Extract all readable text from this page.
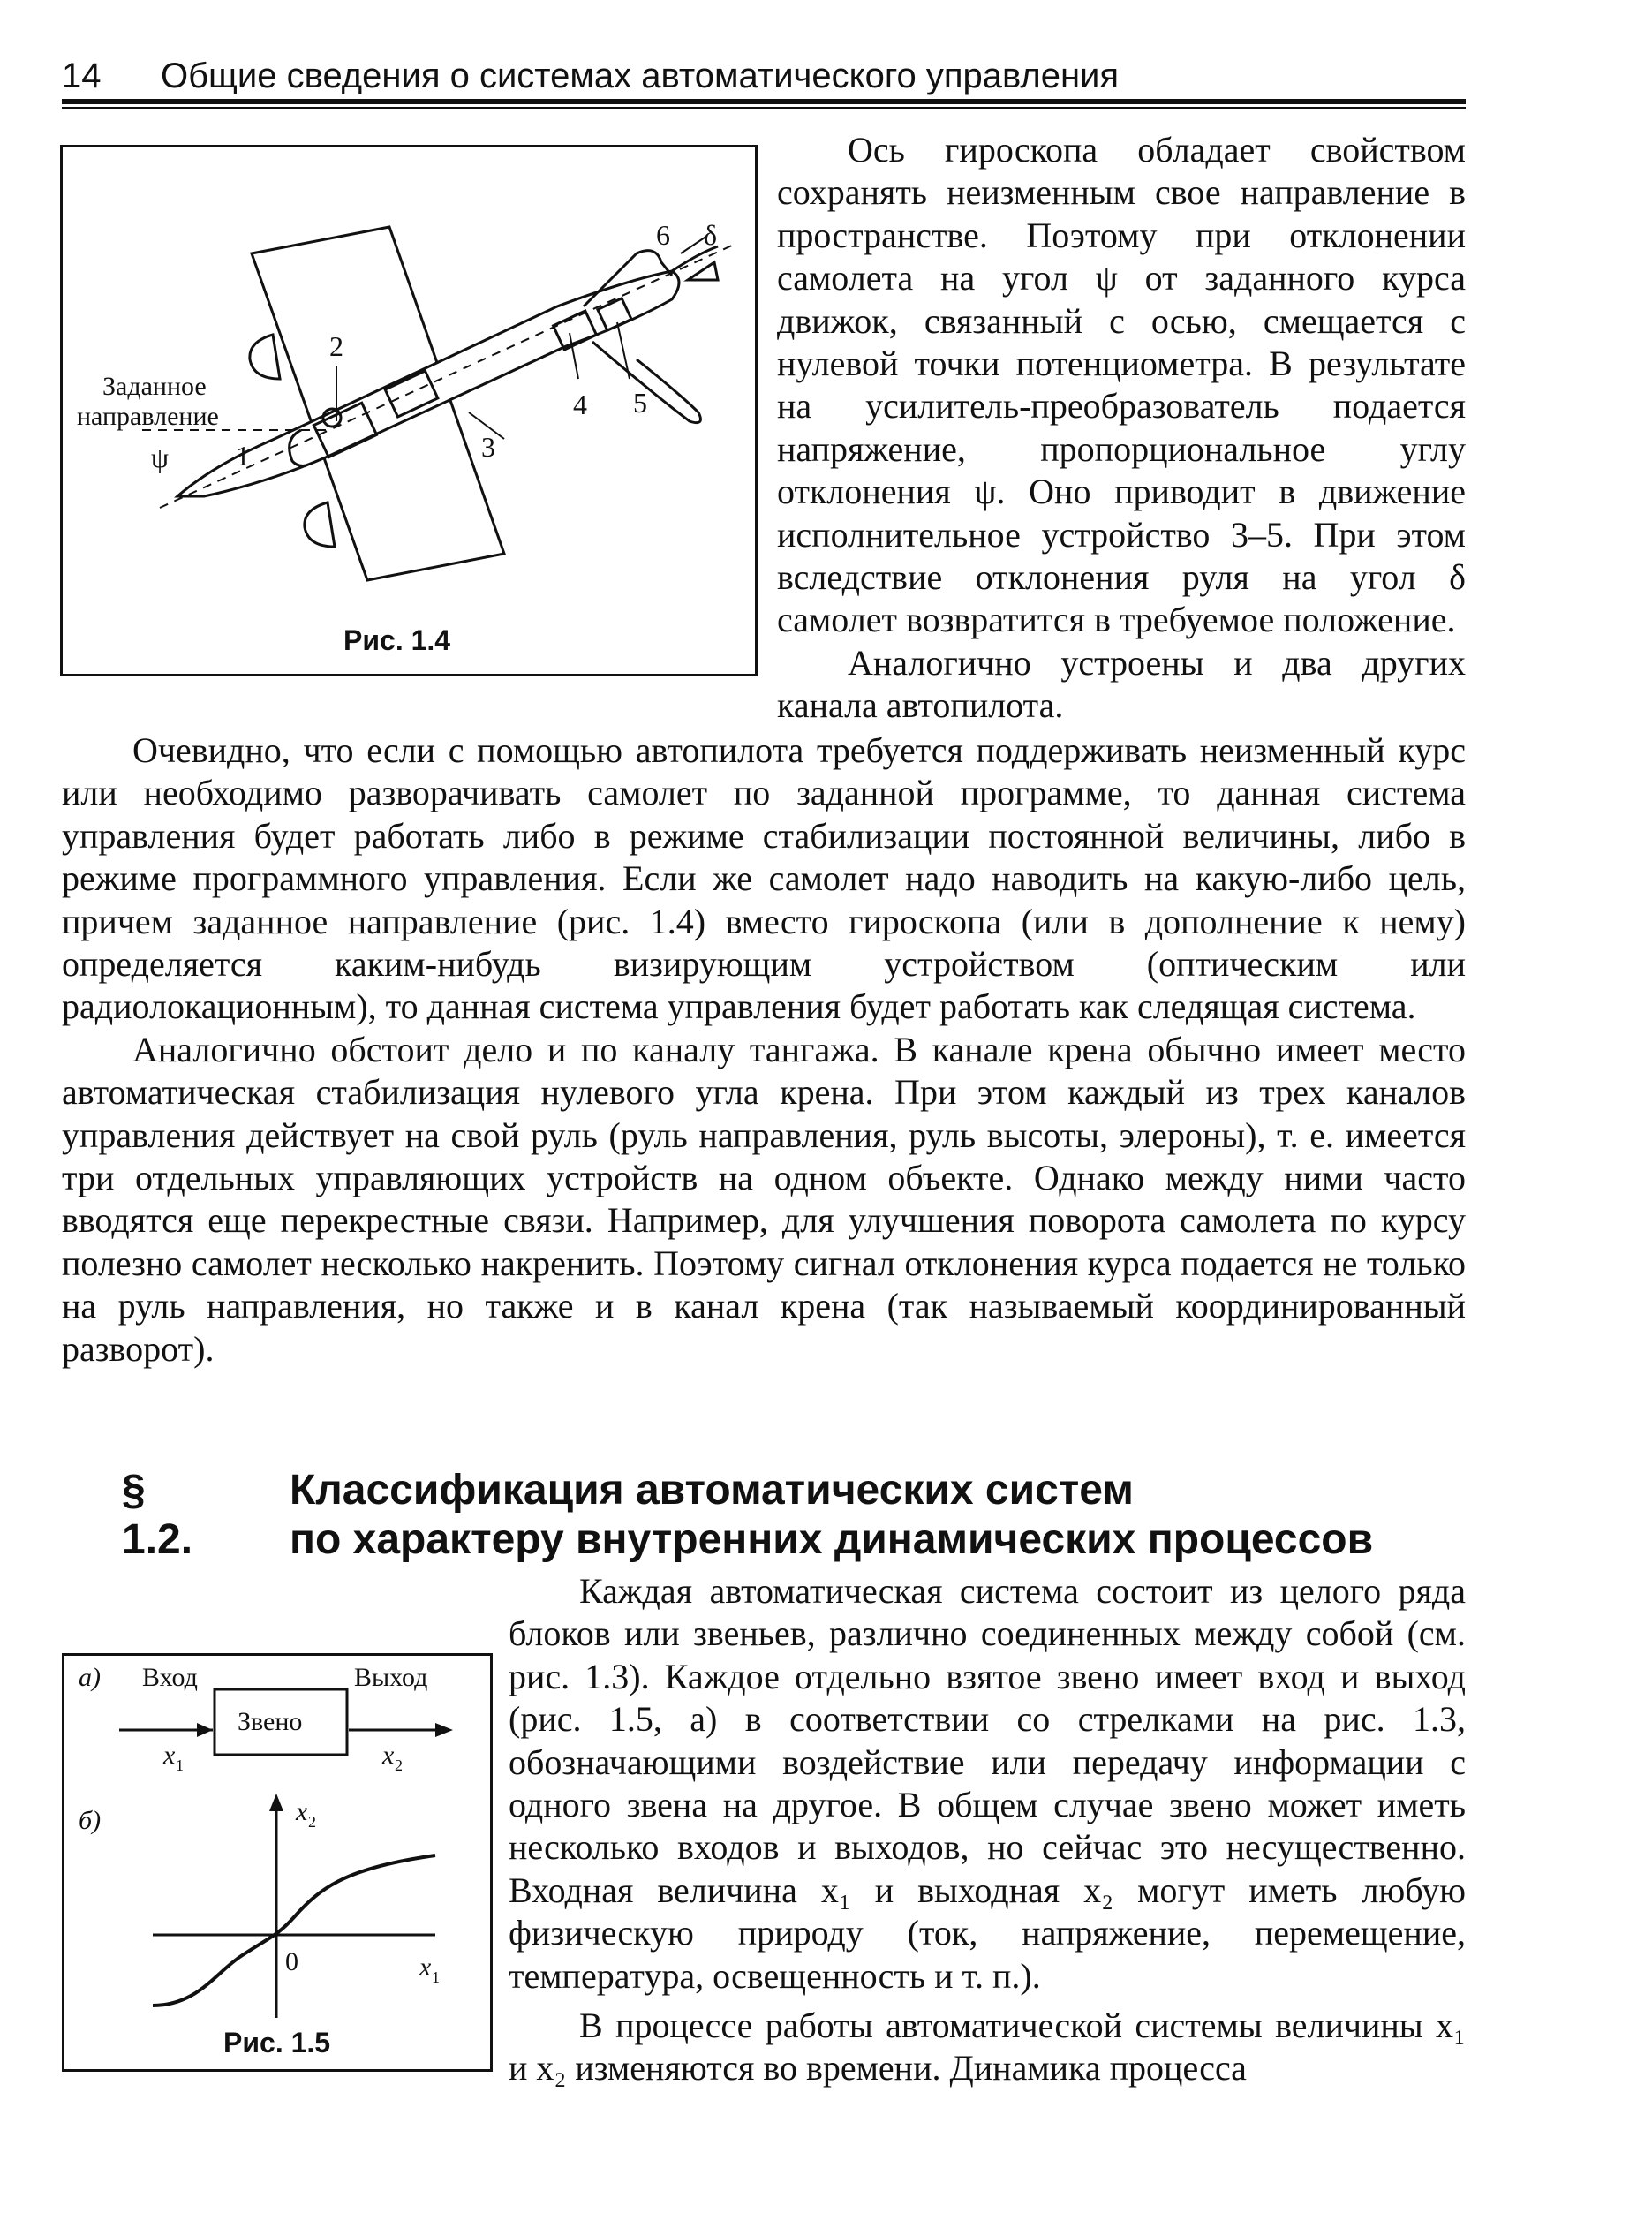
14 Общие сведения о системах автоматического управления
Заданное
направление
ψ 1
2
3
4 5
6 δ
Рис. 1.4

Ось гироскопа обладает свойством сохранять неизменным свое направление в пространстве. Поэтому при отклонении самолета на угол ψ от заданного курса движок, связанный с осью, смещается с нулевой точки потенциометра. В результате на усилитель-преобразователь подается напряжение, пропорциональное углу отклонения ψ. Оно приводит в движение исполнительное устройство 3–5. При этом вследствие отклонения руля на угол δ самолет возвратится в требуемое положение.

Аналогично устроены и два других канала автопилота.

Очевидно, что если с помощью автопилота требуется поддерживать неизменный курс или необходимо разворачивать самолет по заданной программе, то данная система управления будет работать либо в режиме стабилизации постоянной величины, либо в режиме программного управления. Если же самолет надо наводить на какую-либо цель, причем заданное направление (рис. 1.4) вместо гироскопа (или в дополнение к нему) определяется каким-нибудь визирующим устройством (оптическим или радиолокационным), то данная система управления будет работать как следящая система.

Аналогично обстоит дело и по каналу тангажа. В канале крена обычно имеет место автоматическая стабилизация нулевого угла крена. При этом каждый из трех каналов управления действует на свой руль (руль направления, руль высоты, элероны), т. е. имеется три отдельных управляющих устройств на одном объекте. Однако между ними часто вводятся еще перекрестные связи. Например, для улучшения поворота самолета по курсу полезно самолет несколько накренить. Поэтому сигнал отклонения курса подается не только на руль направления, но также и в канал крена (так называемый координированный разворот).

§ 1.2.
Классификация автоматических систем
по характеру внутренних динамических процессов
а) Вход	Выход
Звено
x 1	x 2
б)	x 2
0	x 1
Рис. 1.5
Каждая автоматическая система состоит из целого ряда блоков или звеньев, различно соединенных между собой (см. рис. 1.3). Каждое отдельно взятое звено имеет вход и выход (рис. 1.5, а) в соответствии со стрелками на рис. 1.3, обозначающими воздействие или передачу информации с одного звена на другое. В общем случае звено может иметь несколько входов и выходов, но сейчас это несущественно. Входная величина x₁ и выходная x₂ могут иметь любую физическую природу (ток, напряжение, перемещение, температура, освещенность и т. п.).
В процессе работы автоматической системы величины x₁ и x₂ изменяются во времени. Динамика процесса
